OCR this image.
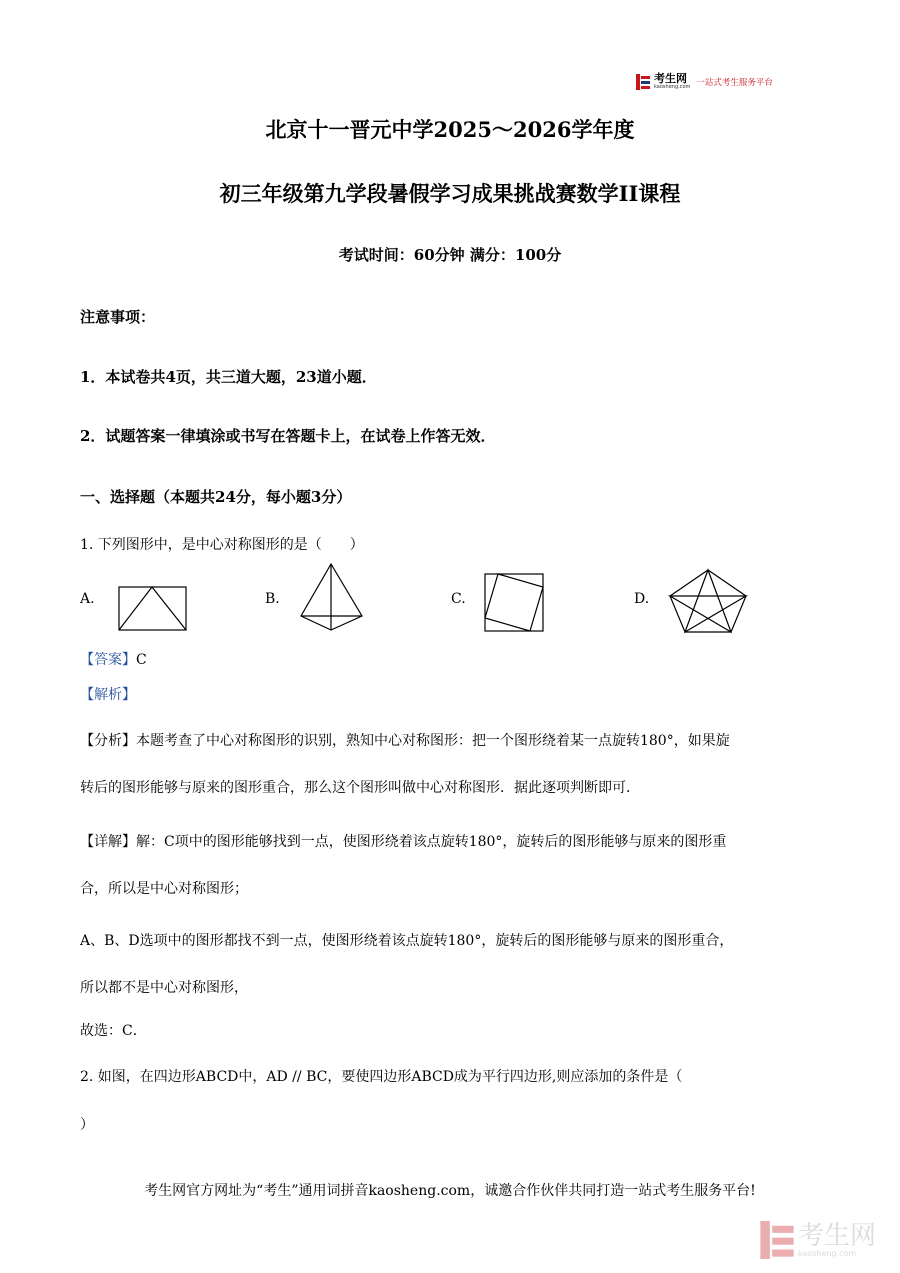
考生网
kaosheng.com 一站式考生服务平台
北京十一晋元中学2025～2026学年度
初三年级第九学段暑假学习成果挑战赛数学II课程
考试时间：60分钟 满分：100分
注意事项：
1．本试卷共4页，共三道大题，23道小题．
2．试题答案一律填涂或书写在答题卡上，在试卷上作答无效．
一、选择题（本题共24分，每小题3分）
1. 下列图形中，是中心对称图形的是（　　）
A.	B.	C.	D.
【答案】C
【解析】
【分析】本题考查了中心对称图形的识别，熟知中心对称图形：把一个图形绕着某一点旋转180°，如果旋
转后的图形能够与原来的图形重合，那么这个图形叫做中心对称图形．据此逐项判断即可．
【详解】解：C项中的图形能够找到一点，使图形绕着该点旋转180°，旋转后的图形能够与原来的图形重
合，所以是中心对称图形；
A、B、D选项中的图形都找不到一点，使图形绕着该点旋转180°，旋转后的图形能够与原来的图形重合，
所以都不是中心对称图形，
故选：C．
2. 如图，在四边形ABCD中，AD // BC，要使四边形ABCD成为平行四边形,则应添加的条件是（
）
考生网官方网址为“考生”通用词拼音kaosheng.com，诚邀合作伙伴共同打造一站式考生服务平台!
考生网
kaosheng.com
